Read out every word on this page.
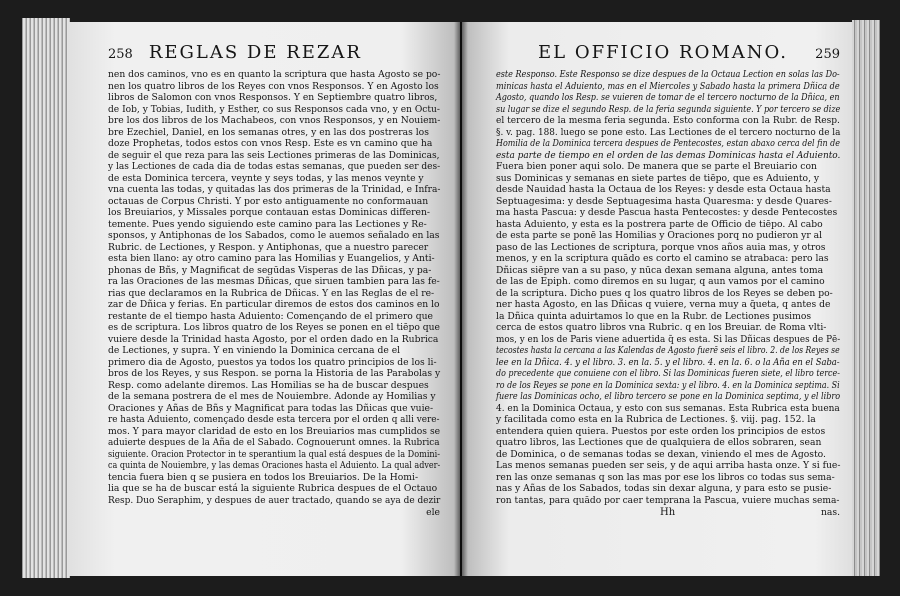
258 REGLAS DE REZAR

nen dos caminos, vno es en quanto la scriptura que hasta Agosto se po-

nen los quatro libros de los Reyes con vnos Responsos. Y en Agosto los

libros de Salomon con vnos Responsos. Y en Septiembre quatro libros,

de Iob, y Tobias, Iudith, y Esther, co sus Responsos cada vno, y en Octu-

bre los dos libros de los Machabeos, con vnos Responsos, y en Nouiem-

bre Ezechiel, Daniel, en los semanas otres, y en las dos postreras los

doze Prophetas, todos estos con vnos Resp. Este es vn camino que ha

de seguir el que reza para las seis Lectiones primeras de las Dominicas,

y las Lectiones de cada dia de todas estas semanas, que pueden ser des-

de esta Dominica tercera, veynte y seys todas, y las menos veynte y

vna cuenta las todas, y quitadas las dos primeras de la Trinidad, e Infra-

octauas de Corpus Christi. Y por esto antiguamente no conformauan

los Breuiarios, y Missales porque contauan estas Dominicas differen-

temente. Pues yendo siguiendo este camino para las Lectiones y Re-

sponsos, y Antiphonas de los Sabados, como le auemos señalado en las

Rubric. de Lectiones, y Respon. y Antiphonas, que a nuestro parecer

esta bien llano: ay otro camino para las Homilias y Euangelios, y Anti-

phonas de Bñs, y Magnificat de segūdas Visperas de las Dñicas, y pa-

ra las Oraciones de las mesmas Dñicas, que siruen tambien para las fe-

rias que declaramos en la Rubrica de Dñicas. Y en las Reglas de el re-

zar de Dñica y ferias. En particular diremos de estos dos caminos en lo

restante de el tiempo hasta Aduiento: Començando de el primero que

es de scriptura. Los libros quatro de los Reyes se ponen en el tiēpo que

vuiere desde la Trinidad hasta Agosto, por el orden dado en la Rubrica

de Lectiones, y supra. Y en viniendo la Dominica cercana de el

primero dia de Agosto, puestos ya todos los quatro principios de los li-

bros de los Reyes, y sus Respon. se porna la Historia de las Parabolas y

Resp. como adelante diremos. Las Homilias se ha de buscar despues

de la semana postrera de el mes de Nouiembre. Adonde ay Homilias y

Oraciones y Añas de Bñs y Magnificat para todas las Dñicas que vuie-

re hasta Aduiento, començado desde esta tercera por el orden q alli vere-

mos. Y para mayor claridad de esto en los Breuiarios mas cumplidos se

aduierte despues de la Aña de el Sabado. Cognouerunt omnes. la Rubrica

siguiente. Oracion Protector in te sperantium la qual está despues de la Domini-

ca quinta de Nouiembre, y las demas Oraciones hasta el Aduiento. La qual adver-

tencia fuera bien q se pusiera en todos los Breuiarios. De la Homi-

lia que se ha de buscar está la siguiente Rubrica despues de el Octauo

Resp. Duo Seraphim, y despues de auer tractado, quando se aya de dezir

ele
EL OFFICIO ROMANO. 259

este Responso. Este Responso se dize despues de la Octaua Lection en solas las Do-

minicas hasta el Aduiento, mas en el Miercoles y Sabado hasta la primera Dñica de

Agosto, quando los Resp. se vuieren de tomar de el tercero nocturno de la Dñica, en

su lugar se dize el segundo Resp. de la feria segunda siguiente. Y por tercero se dize

el tercero de la mesma feria segunda. Esto conforma con la Rubr. de Resp.

§. v. pag. 188. luego se pone esto. Las Lectiones de el tercero nocturno de la

Homilia de la Dominica tercera despues de Pentecostes, estan abaxo cerca del fin de

esta parte de tiempo en el orden de las demas Dominicas hasta el Aduiento.

Fuera bien poner aqui solo. De manera que se parte el Breuiario con

sus Dominicas y semanas en siete partes de tiēpo, que es Aduiento, y

desde Nauidad hasta la Octaua de los Reyes: y desde esta Octaua hasta

Septuagesima: y desde Septuagesima hasta Quaresma: y desde Quares-

ma hasta Pascua: y desde Pascua hasta Pentecostes: y desde Pentecostes

hasta Aduiento, y esta es la postrera parte de Officio de tiēpo. Al cabo

de esta parte se ponē las Homilias y Oraciones porq no pudieron yr al

paso de las Lectiones de scriptura, porque vnos años auia mas, y otros

menos, y en la scriptura quādo es corto el camino se atrabaca: pero las

Dñicas siēpre van a su paso, y nūca dexan semana alguna, antes toma

de las de Epiph. como diremos en su lugar, q aun vamos por el camino

de la scriptura. Dicho pues q los quatro libros de los Reyes se deben po-

ner hasta Agosto, en las Dñicas q vuiere, verna muy a q̄ueta, q antes de

la Dñica quinta aduirtamos lo que en la Rubr. de Lectiones pusimos

cerca de estos quatro libros vna Rubric. q en los Breuiar. de Roma vlti-

mos, y en los de Paris viene aduertida q̄ es esta. Si las Dñicas despues de Pē-

tecostes hasta la cercana a las Kalendas de Agosto fuerē seis el libro. 2. de los Reyes se

lee en la Dñica. 4. y el libro. 3. en la. 5. y el libro. 4. en la. 6. o la Aña en el Saba-

do precedente que conuiene con el libro. Si las Dominicas fueren siete, el libro terce-

ro de los Reyes se pone en la Dominica sexta: y el libro. 4. en la Dominica septima. Si

fuere las Dominicas ocho, el libro tercero se pone en la Dominica septima, y el libro

4. en la Dominica Octaua, y esto con sus semanas. Esta Rubrica esta buena

y facilitada como esta en la Rubrica de Lectiones. §. viij. pag. 152. la

entendera quien quiera. Puestos por este orden los principios de estos

quatro libros, las Lectiones que de qualquiera de ellos sobraren, sean

de Dominica, o de semanas todas se dexan, viniendo el mes de Agosto.

Las menos semanas pueden ser seis, y de aqui arriba hasta onze. Y si fue-

ren las onze semanas q son las mas por ese los libros co todas sus sema-

nas y Añas de los Sabados, todas sin dexar alguna, y para esto se pusie-

ron tantas, para quādo por caer temprana la Pascua, vuiere muchas sema-

Hh	nas.
